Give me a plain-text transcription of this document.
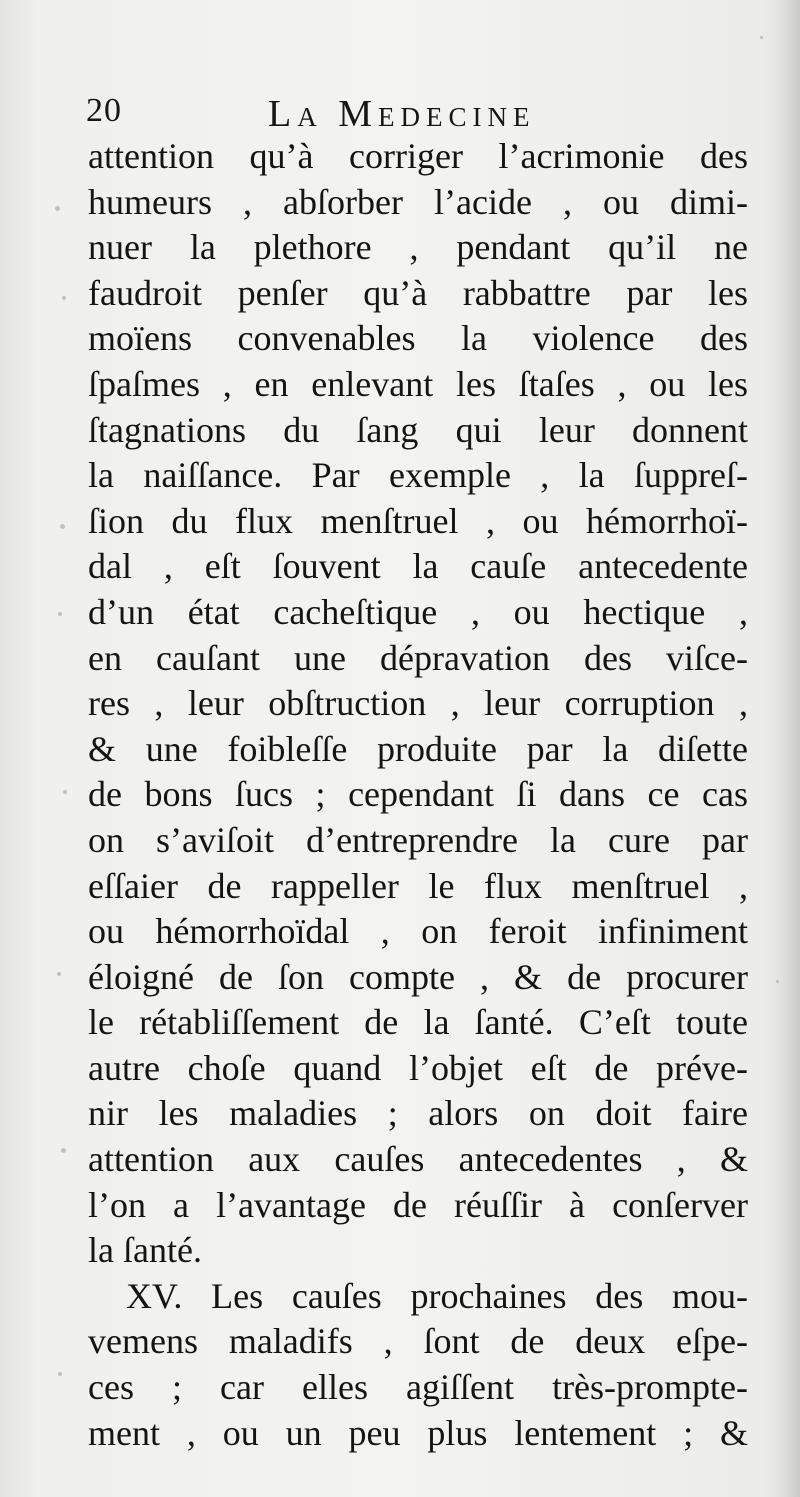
20	La Medecine
attention qu’à corriger l’acrimonie des
humeurs , abſorber l’acide , ou dimi-
nuer la plethore , pendant qu’il ne
faudroit penſer qu’à rabbattre par les
moïens convenables la violence des
ſpaſmes , en enlevant les ſtaſes , ou les
ſtagnations du ſang qui leur donnent
la naiſſance. Par exemple , la ſuppreſ-
ſion du flux menſtruel , ou hémorrhoï-
dal , eſt ſouvent la cauſe antecedente
d’un état cacheſtique , ou hectique ,
en cauſant une dépravation des viſce-
res , leur obſtruction , leur corruption ,
& une foibleſſe produite par la diſette
de bons ſucs ; cependant ſi dans ce cas
on s’aviſoit d’entreprendre la cure par
eſſaier de rappeller le flux menſtruel ,
ou hémorrhoïdal , on feroit infiniment
éloigné de ſon compte , & de procurer
le rétabliſſement de la ſanté. C’eſt toute
autre choſe quand l’objet eſt de préve-
nir les maladies ; alors on doit faire
attention aux cauſes antecedentes , &
l’on a l’avantage de réuſſir à conſerver
la ſanté.
XV. Les cauſes prochaines des mou-
vemens maladifs , ſont de deux eſpe-
ces ; car elles agiſſent très-prompte-
ment , ou un peu plus lentement ; &
